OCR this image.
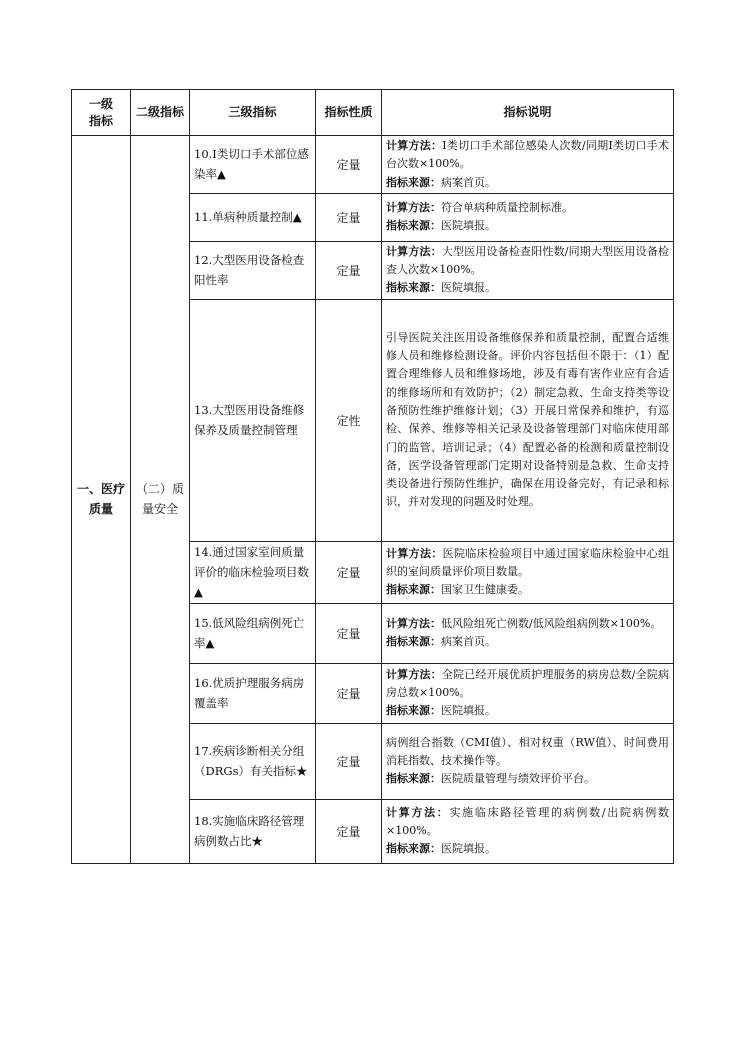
一级指标	二级指标	三级指标	指标性质	指标说明

一、医疗质量	（二）质量安全	10.Ⅰ类切口手术部位感染率▲	定量	计算方法：Ⅰ类切口手术部位感染人次数/同期Ⅰ类切口手术台次数×100%。
指标来源：病案首页。

		11.单病种质量控制▲	定量	计算方法：符合单病种质量控制标准。
指标来源：医院填报。

		12.大型医用设备检查阳性率	定量	计算方法：大型医用设备检查阳性数/同期大型医用设备检查人次数×100%。
指标来源：医院填报。

		13.大型医用设备维修保养及质量控制管理	定性	引导医院关注医用设备维修保养和质量控制，配置合适维修人员和维修检测设备。评价内容包括但不限于：（1）配置合理维修人员和维修场地，涉及有毒有害作业应有合适的维修场所和有效防护；（2）制定急救、生命支持类等设备预防性维护维修计划；（3）开展日常保养和维护，有巡检、保养、维修等相关记录及设备管理部门对临床使用部门的监管、培训记录；（4）配置必备的检测和质量控制设备，医学设备管理部门定期对设备特别是急救、生命支持类设备进行预防性维护，确保在用设备完好，有记录和标识，并对发现的问题及时处理。

		14.通过国家室间质量评价的临床检验项目数▲	定量	计算方法：医院临床检验项目中通过国家临床检验中心组织的室间质量评价项目数量。
指标来源：国家卫生健康委。

		15.低风险组病例死亡率▲	定量	计算方法：低风险组死亡例数/低风险组病例数×100%。
指标来源：病案首页。

		16.优质护理服务病房覆盖率	定量	计算方法：全院已经开展优质护理服务的病房总数/全院病房总数×100%。
指标来源：医院填报。

		17.疾病诊断相关分组（DRGs）有关指标★	定量	病例组合指数（CMI值）、相对权重（RW值）、时间费用消耗指数、技术操作等。
指标来源：医院质量管理与绩效评价平台。

		18.实施临床路径管理病例数占比★	定量	计算方法：实施临床路径管理的病例数/出院病例数×100%。
指标来源：医院填报。
